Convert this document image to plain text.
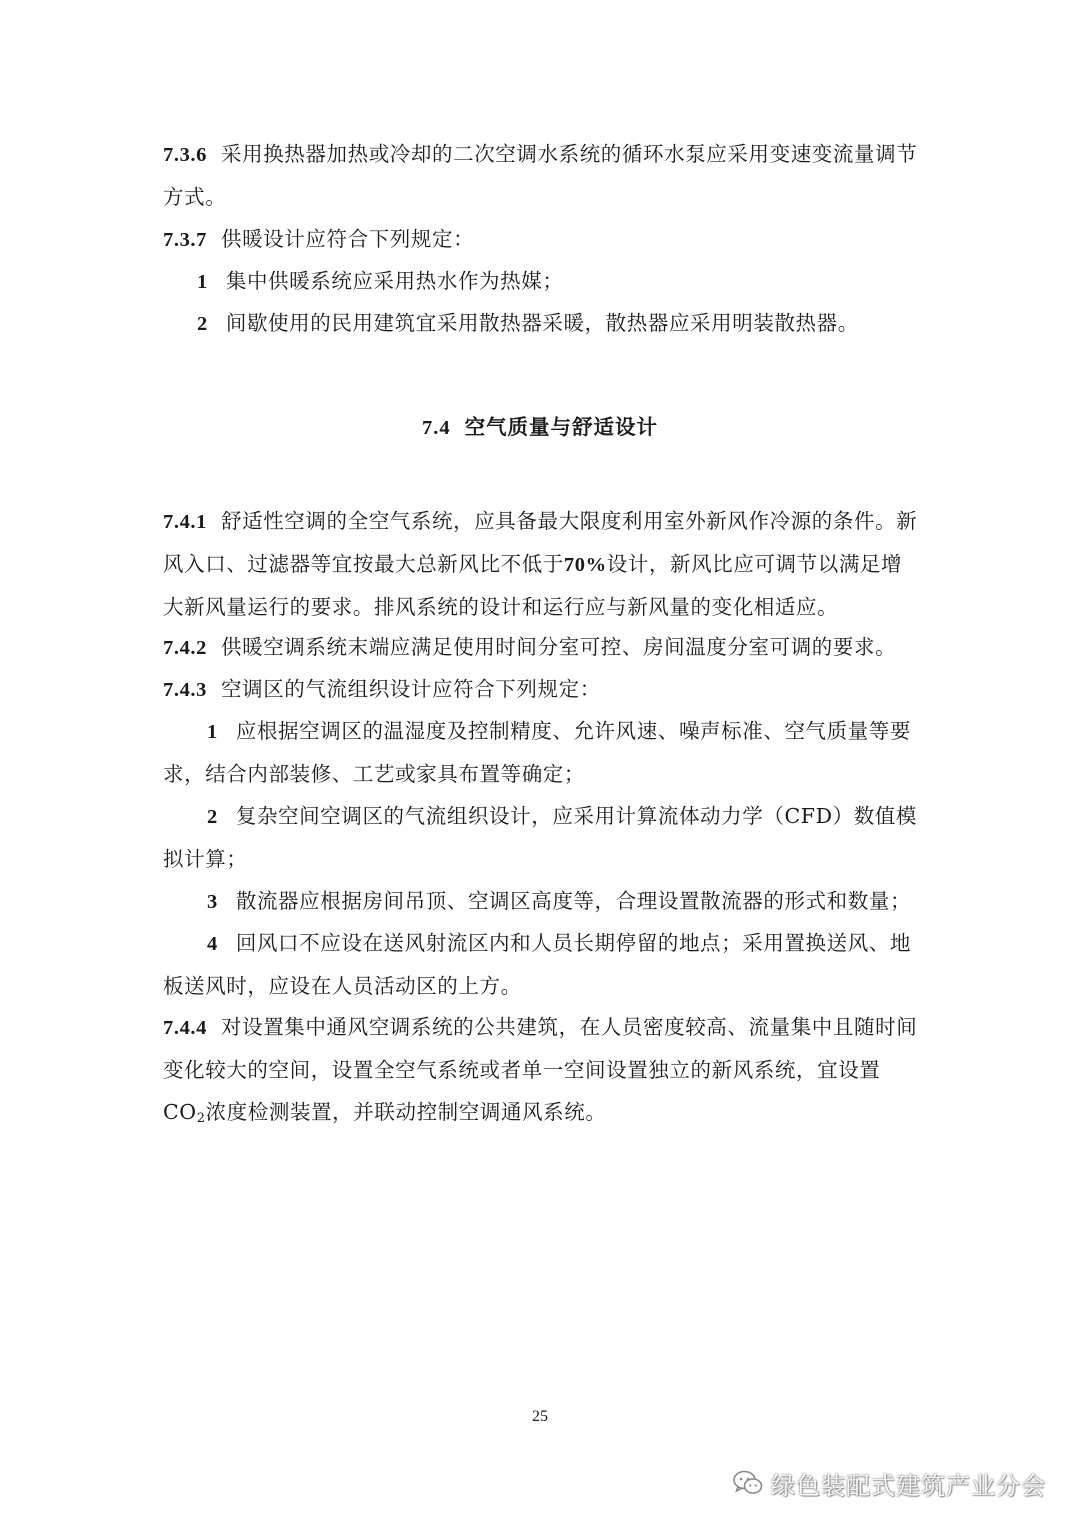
7.3.6 采用换热器加热或冷却的二次空调水系统的循环水泵应采用变速变流量调节方式。
7.3.7 供暖设计应符合下列规定：
1 集中供暖系统应采用热水作为热媒；
2 间歇使用的民用建筑宜采用散热器采暖，散热器应采用明装散热器。
7.4 空气质量与舒适设计
7.4.1 舒适性空调的全空气系统，应具备最大限度利用室外新风作冷源的条件。新风入口、过滤器等宜按最大总新风比不低于70%设计，新风比应可调节以满足增大新风量运行的要求。排风系统的设计和运行应与新风量的变化相适应。
7.4.2 供暖空调系统末端应满足使用时间分室可控、房间温度分室可调的要求。
7.4.3 空调区的气流组织设计应符合下列规定：
1 应根据空调区的温湿度及控制精度、允许风速、噪声标准、空气质量等要求，结合内部装修、工艺或家具布置等确定；
2 复杂空间空调区的气流组织设计，应采用计算流体动力学（CFD）数值模拟计算；
3 散流器应根据房间吊顶、空调区高度等，合理设置散流器的形式和数量；
4 回风口不应设在送风射流区内和人员长期停留的地点；采用置换送风、地板送风时，应设在人员活动区的上方。
7.4.4 对设置集中通风空调系统的公共建筑，在人员密度较高、流量集中且随时间变化较大的空间，设置全空气系统或者单一空间设置独立的新风系统，宜设置$CO_2$浓度检测装置，并联动控制空调通风系统。
25
绿色装配式建筑产业分会
